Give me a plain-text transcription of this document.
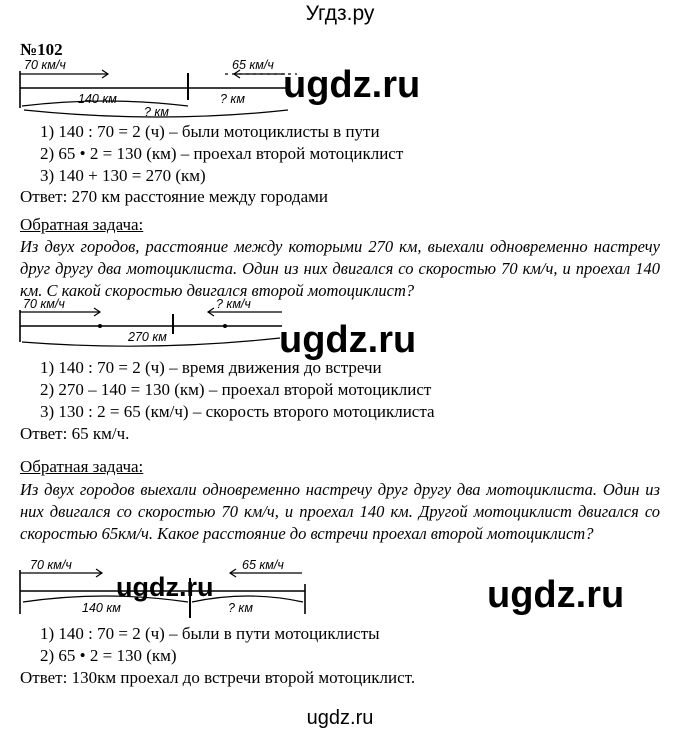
Угдз.ру
№102
70 км/ч	65 км/ч
140 км	? км
? км
ugdz.ru
1) 140 : 70 = 2 (ч) – были мотоциклисты в пути
2) 65 • 2 = 130 (км) – проехал второй мотоциклист
3) 140 + 130 = 270 (км)
Ответ: 270 км расстояние между городами
Обратная задача:
Из двух городов, расстояние между которыми 270 км, выехали одновременно настречу друг другу два мотоциклиста. Один из них двигался со скоростью 70 км/ч, и проехал 140 км. С какой скоростью двигался второй мотоциклист?
70 км/ч	? км/ч
270 км	ugdz.ru
1) 140 : 70 = 2 (ч) – время движения до встречи
2) 270 – 140 = 130 (км) – проехал второй мотоциклист
3) 130 : 2 = 65 (км/ч) – скорость второго мотоциклиста
Ответ: 65 км/ч.
Обратная задача:
Из двух городов выехали одновременно настречу друг другу два мотоциклиста. Один из них двигался со скоростью 70 км/ч, и проехал 140 км. Другой мотоциклист двигался со скоростью 65км/ч. Какое расстояние до встречи проехал второй мотоциклист?
70 км/ч	65 км/ч
140 км	? км
ugdz.ru	ugdz.ru
1) 140 : 70 = 2 (ч) – были в пути мотоциклисты
2) 65 • 2 = 130 (км)
Ответ: 130км проехал до встречи второй мотоциклист.
ugdz.ru
